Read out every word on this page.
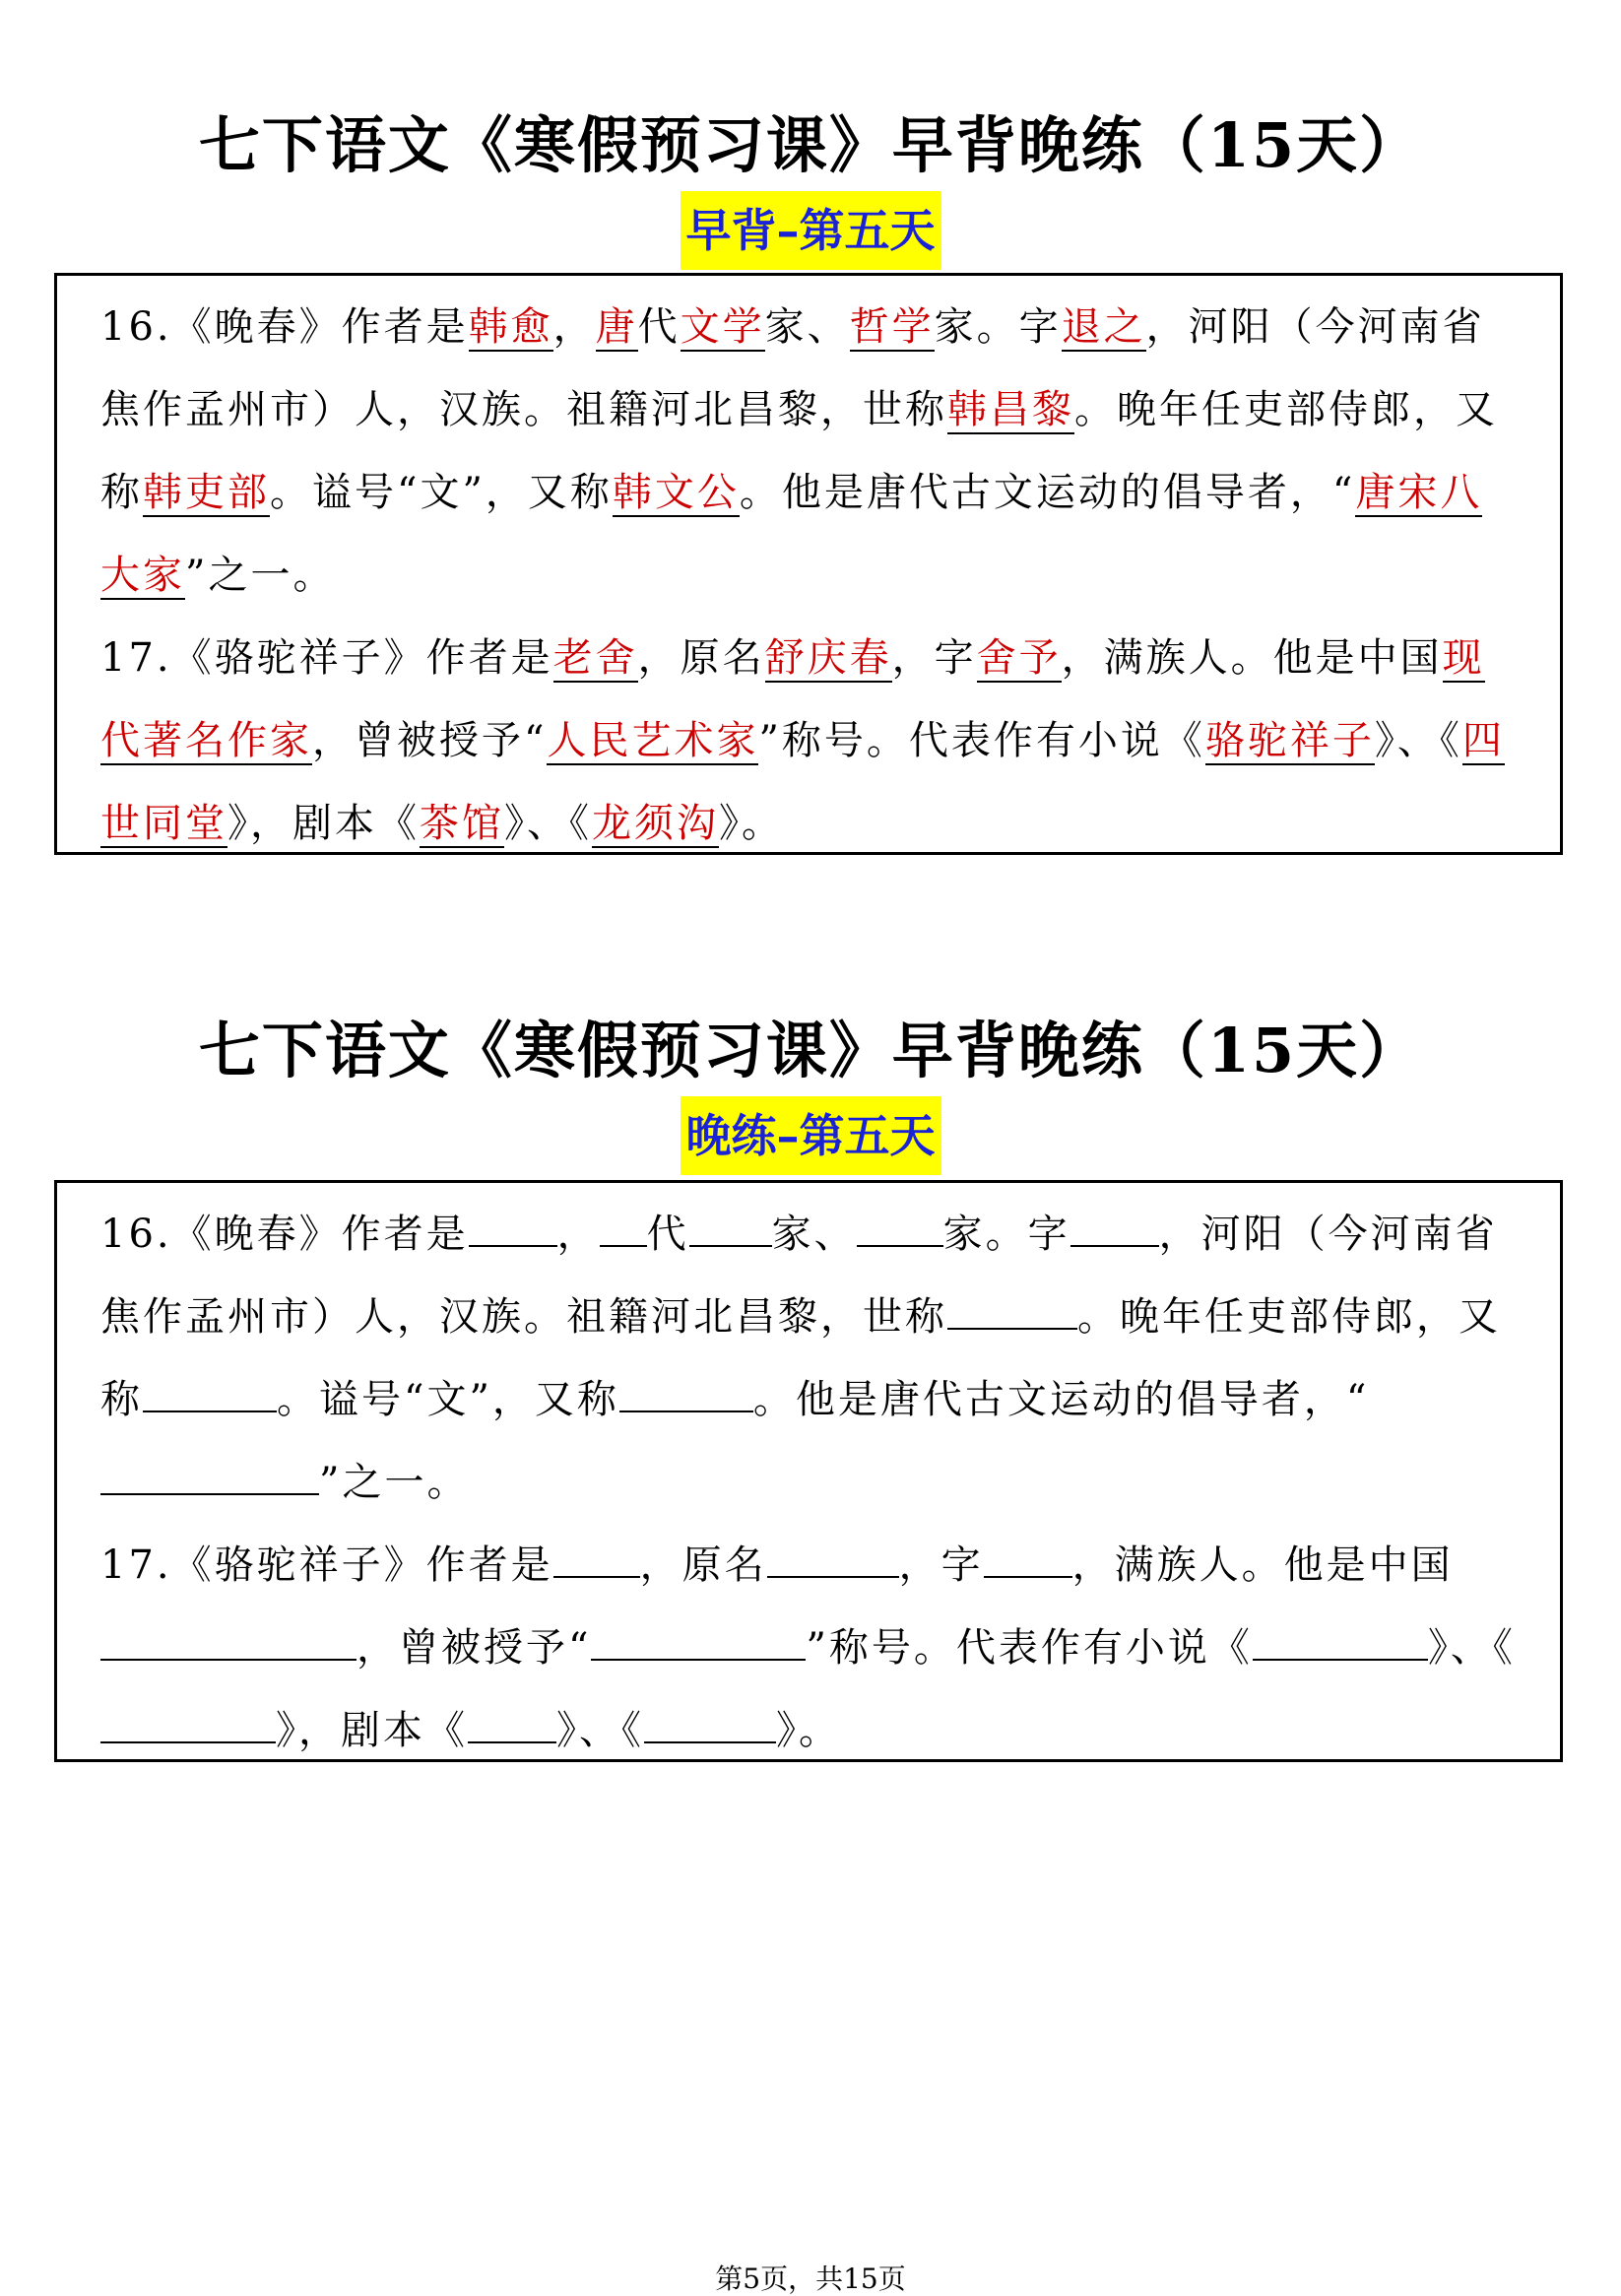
七下语文《寒假预习课》早背晚练（15天）
早背–第五天
16.《晚春》作者是韩愈，唐代文学家、哲学家。字退之，河阳（今河南省焦作孟州市）人，汉族。祖籍河北昌黎，世称韩昌黎。晚年任吏部侍郎，又称韩吏部。谥号“文”，又称韩文公。他是唐代古文运动的倡导者，“唐宋八大家”之一。
17.《骆驼祥子》作者是老舍，原名舒庆春，字舍予，满族人。他是中国现代著名作家，曾被授予“人民艺术家”称号。代表作有小说《骆驼祥子》、《四世同堂》，剧本《茶馆》、《龙须沟》。
七下语文《寒假预习课》早背晚练（15天）
晚练–第五天
16.《晚春》作者是 ， 代 家、 家。字 ，河阳（今河南省焦作孟州市）人，汉族。祖籍河北昌黎，世称	。晚年任吏部侍郎，又称	。谥号“文”，又称	。他是唐代古文运动的倡导者，“”之一。
17.《骆驼祥子》作者是 ，原名	，字 ，满族人。他是中国，曾被授予“	”称号。代表作有小说《	》、《》，剧本《 》、《	》。
第5页，共15页
